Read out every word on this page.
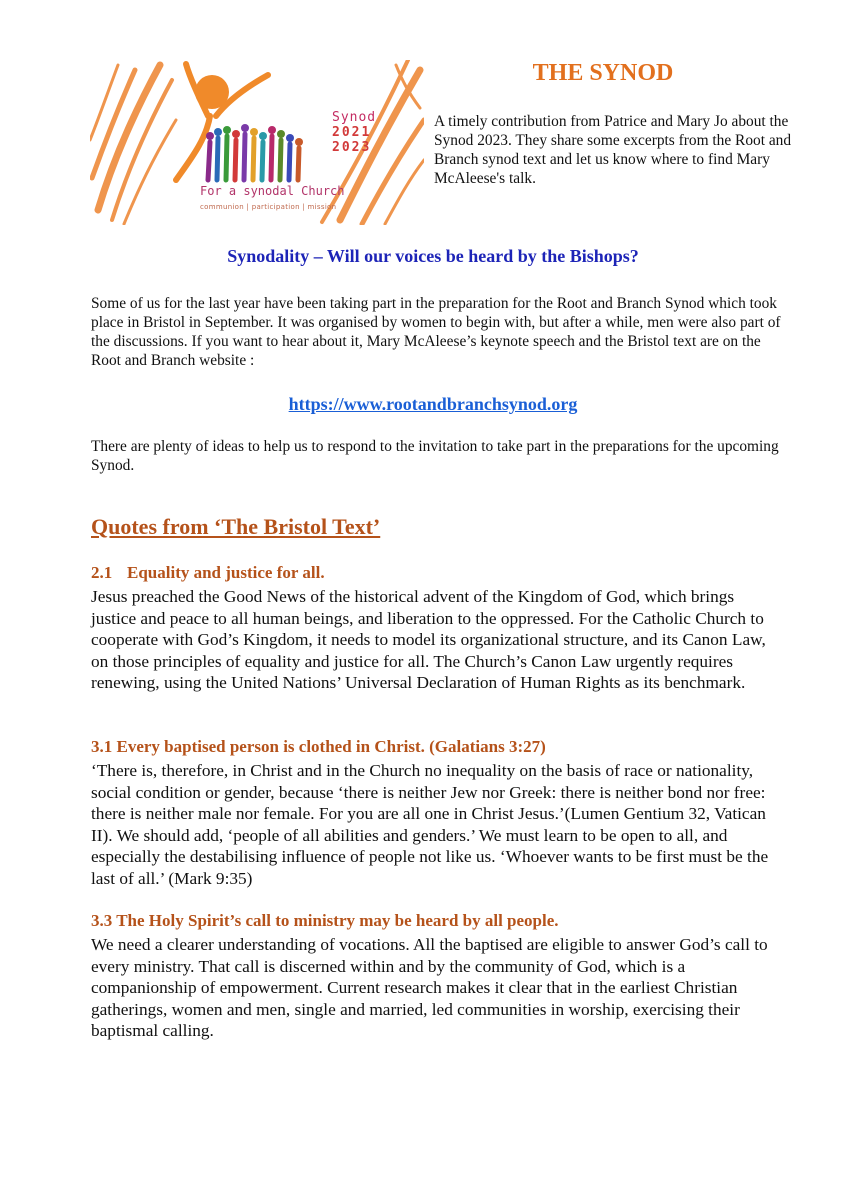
Synod
2021
2023
For a synodal Church
communion | participation | mission
THE SYNOD
A timely contribution from Patrice and Mary Jo about the Synod 2023. They share some excerpts from the Root and Branch synod text and let us know where to find Mary McAleese's talk.
Synodality – Will our voices be heard by the Bishops?
Some of us for the last year have been taking part in the preparation for the Root and Branch Synod which took place in Bristol in September. It was organised by women to begin with, but after a while, men were also part of the discussions. If you want to hear about it, Mary McAleese’s keynote speech and the Bristol text are on the Root and Branch website :
https://www.rootandbranchsynod.org
There are plenty of ideas to help us to respond to the invitation to take part in the preparations for the upcoming Synod.
Quotes from ‘The Bristol Text’
2.1 Equality and justice for all.
Jesus preached the Good News of the historical advent of the Kingdom of God, which brings justice and peace to all human beings, and liberation to the oppressed. For the Catholic Church to cooperate with God’s Kingdom, it needs to model its organizational structure, and its Canon Law, on those principles of equality and justice for all. The Church’s Canon Law urgently requires renewing, using the United Nations’ Universal Declaration of Human Rights as its benchmark.
3.1 Every baptised person is clothed in Christ. (Galatians 3:27)
‘There is, therefore, in Christ and in the Church no inequality on the basis of race or nationality, social condition or gender, because ‘there is neither Jew nor Greek: there is neither bond nor free: there is neither male nor female. For you are all one in Christ Jesus.’(Lumen Gentium 32, Vatican II). We should add, ‘people of all abilities and genders.’ We must learn to be open to all, and especially the destabilising influence of people not like us. ‘Whoever wants to be first must be the last of all.’ (Mark 9:35)
3.3 The Holy Spirit’s call to ministry may be heard by all people.
We need a clearer understanding of vocations. All the baptised are eligible to answer God’s call to every ministry. That call is discerned within and by the community of God, which is a companionship of empowerment. Current research makes it clear that in the earliest Christian gatherings, women and men, single and married, led communities in worship, exercising their baptismal calling.
